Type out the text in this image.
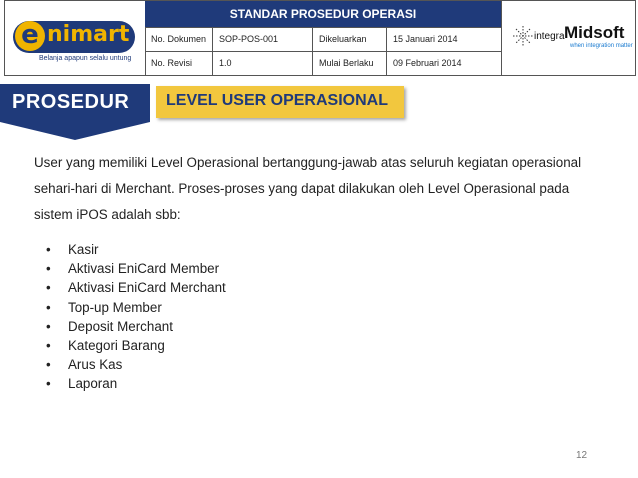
e nimart
Belanja apapun selalu untung
STANDAR PROSEDUR OPERASI
No. Dokumen	SOP-POS-001	Dikeluarkan	15 Januari 2014
No. Revisi	1.0	Mulai Berlaku	09 Februari 2014
integra Midsoft
when integration matter
PROSEDUR LEVEL USER OPERASIONAL
User yang memiliki Level Operasional bertanggung-jawab atas seluruh kegiatan operasional sehari-hari di Merchant. Proses-proses yang dapat dilakukan oleh Level Operasional pada sistem iPOS adalah sbb:
• Kasir
• Aktivasi EniCard Member
• Aktivasi EniCard Merchant
• Top-up Member
• Deposit Merchant
• Kategori Barang
• Arus Kas
• Laporan
12
